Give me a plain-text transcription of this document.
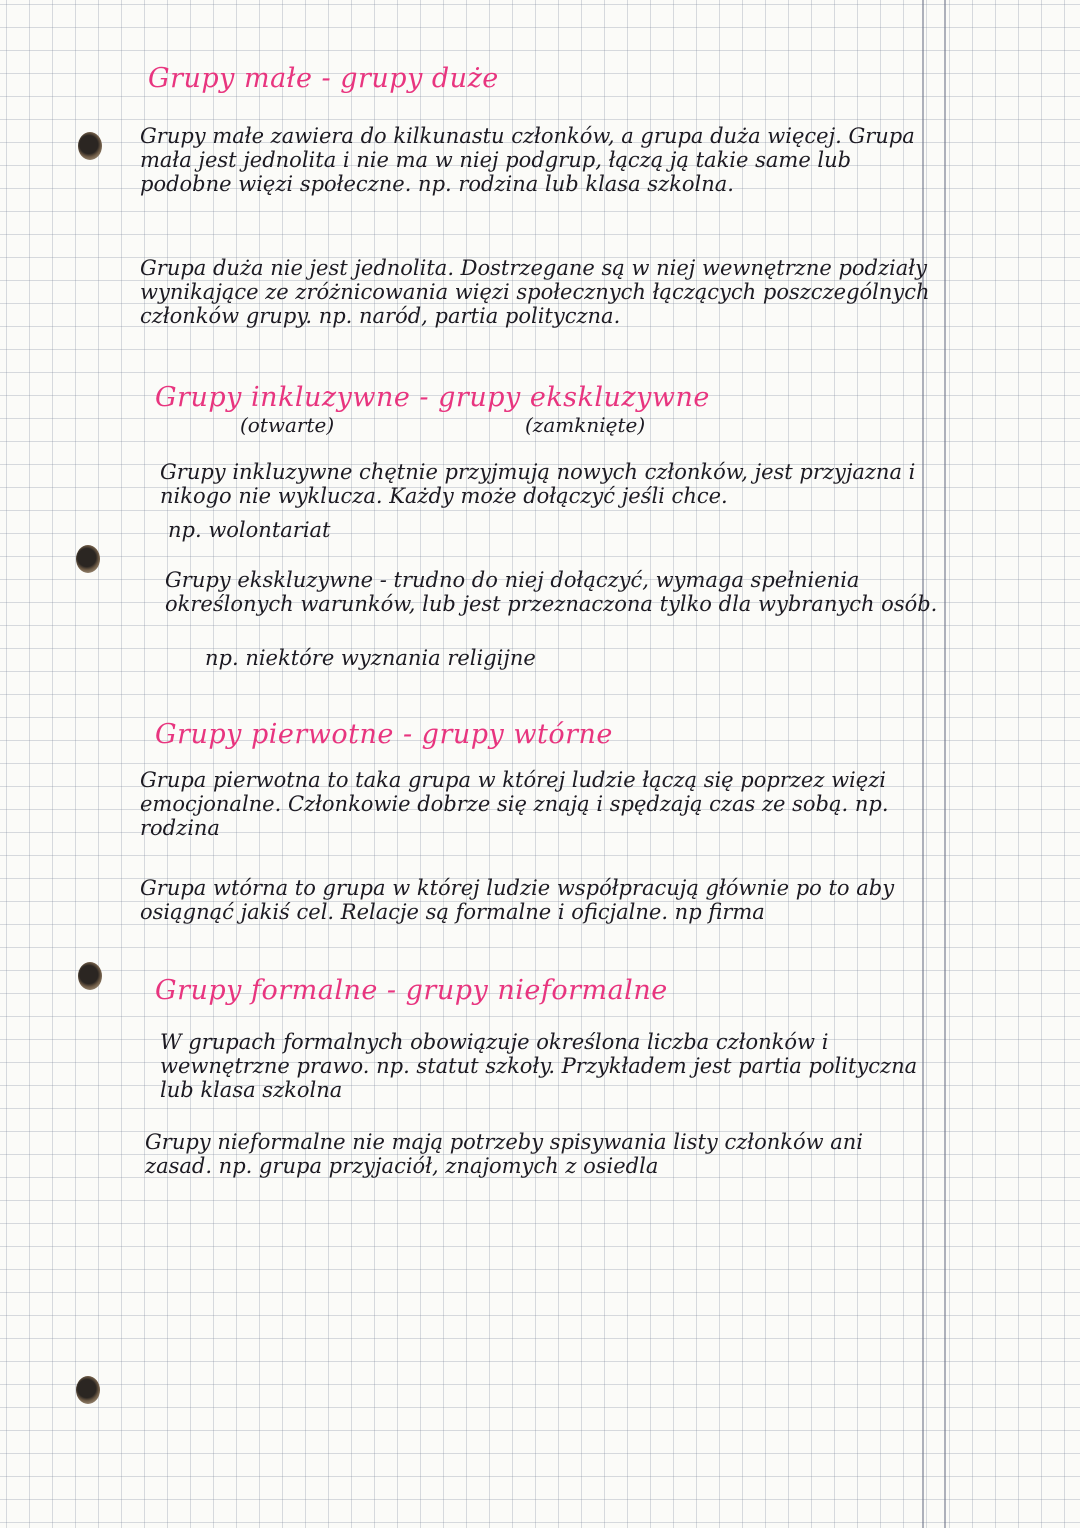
Grupy małe - grupy duże

Grupy małe zawiera do kilkunastu członków, a grupa duża więcej. Grupa mała jest jednolita i nie ma w niej podgrup, łączą ją takie same lub podobne więzi społeczne. np. rodzina lub klasa szkolna.

Grupa duża nie jest jednolita. Dostrzegane są w niej wewnętrzne podziały wynikające ze zróżnicowania więzi społecznych łączących poszczególnych członków grupy. np. naród, partia polityczna.

Grupy inkluzywne - grupy ekskluzywne
(otwarte)	(zamknięte)

Grupy inkluzywne chętnie przyjmują nowych członków, jest przyjazna i nikogo nie wyklucza. Każdy może dołączyć jeśli chce.

np. wolontariat

Grupy ekskluzywne - trudno do niej dołączyć, wymaga spełnienia określonych warunków, lub jest przeznaczona tylko dla wybranych osób.

np. niektóre wyznania religijne

Grupy pierwotne - grupy wtórne

Grupa pierwotna to taka grupa w której ludzie łączą się poprzez więzi emocjonalne. Członkowie dobrze się znają i spędzają czas ze sobą. np. rodzina

Grupa wtórna to grupa w której ludzie współpracują głównie po to aby osiągnąć jakiś cel. Relacje są formalne i oficjalne. np firma

Grupy formalne - grupy nieformalne

W grupach formalnych obowiązuje określona liczba członków i wewnętrzne prawo. np. statut szkoły. Przykładem jest partia polityczna lub klasa szkolna

Grupy nieformalne nie mają potrzeby spisywania listy członków ani zasad. np. grupa przyjaciół, znajomych z osiedla
